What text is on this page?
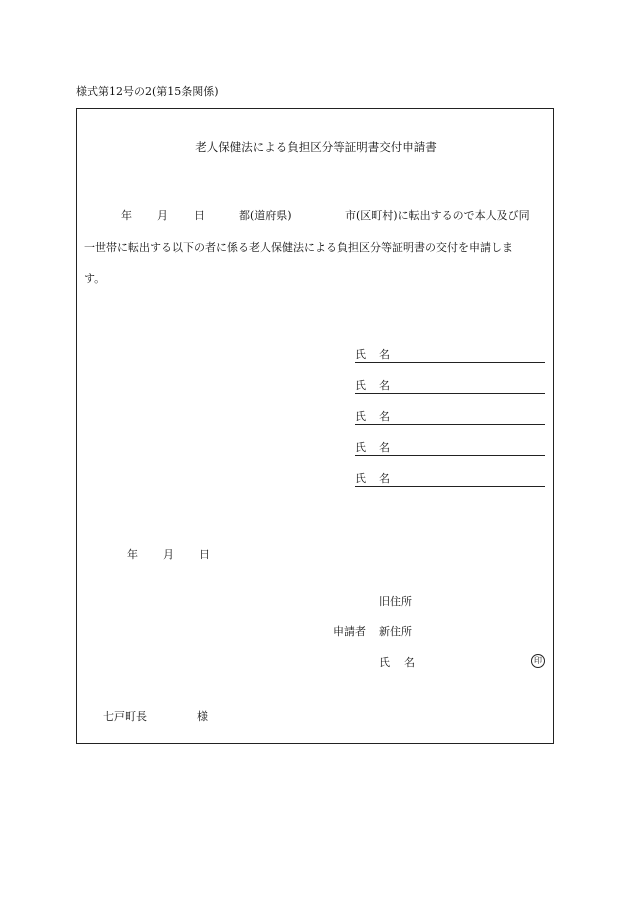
様式第12号の2(第15条関係)
老人保健法による負担区分等証明書交付申請書
年 月 日	都(道府県)	市(区町村)に転出するので本人及び同
一世帯に転出する以下の者に係る老人保健法による負担区分等証明書の交付を申請しま
す。
氏 名
氏 名
氏 名
氏 名
氏 名
年 月 日
旧住所
申請者 新住所
氏 名	印
七戸町長	様
